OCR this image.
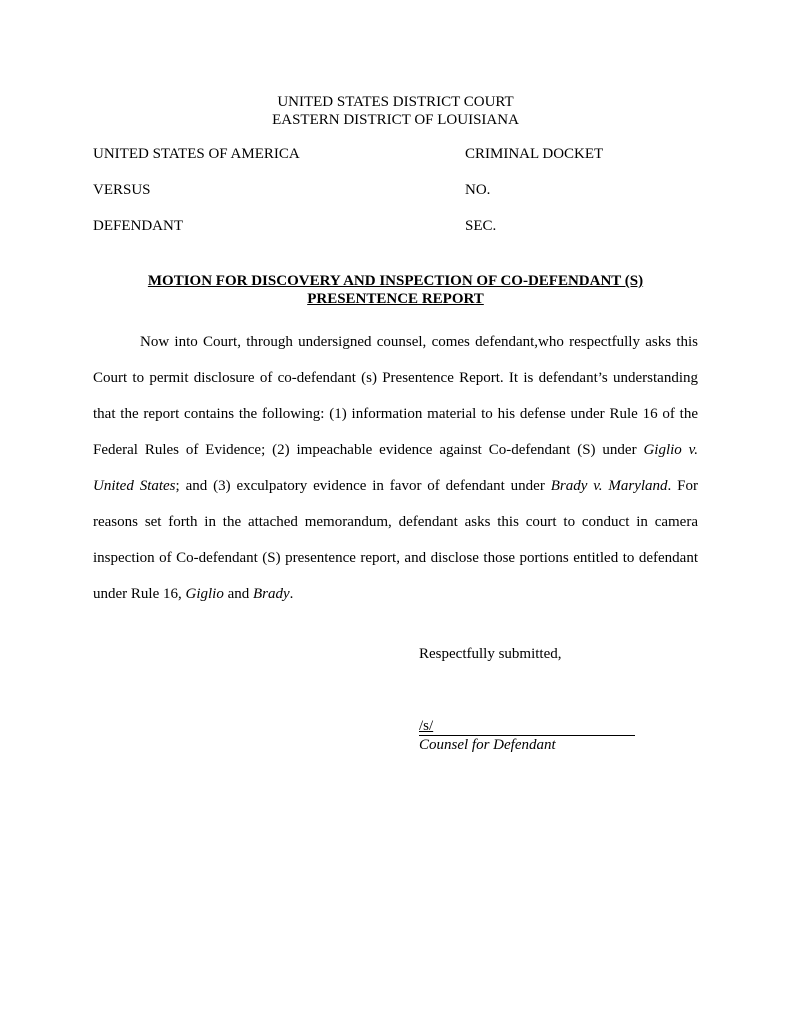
UNITED STATES DISTRICT COURT
EASTERN DISTRICT OF LOUISIANA
UNITED STATES OF AMERICA	CRIMINAL DOCKET
VERSUS	NO.
DEFENDANT	SEC.
MOTION FOR DISCOVERY AND INSPECTION OF CO-DEFENDANT (S)
PRESENTENCE REPORT

Now into Court, through undersigned counsel, comes defendant,who respectfully asks this Court to permit disclosure of co-defendant (s) Presentence Report. It is defendant’s understanding that the report contains the following: (1) information material to his defense under Rule 16 of the Federal Rules of Evidence; (2) impeachable evidence against Co-defendant (S) under Giglio v. United States; and (3) exculpatory evidence in favor of defendant under Brady v. Maryland. For reasons set forth in the attached memorandum, defendant asks this court to conduct in camera inspection of Co-defendant (S) presentence report, and disclose those portions entitled to defendant under Rule 16, Giglio and Brady.

Respectfully submitted,
/s/
Counsel for Defendant
